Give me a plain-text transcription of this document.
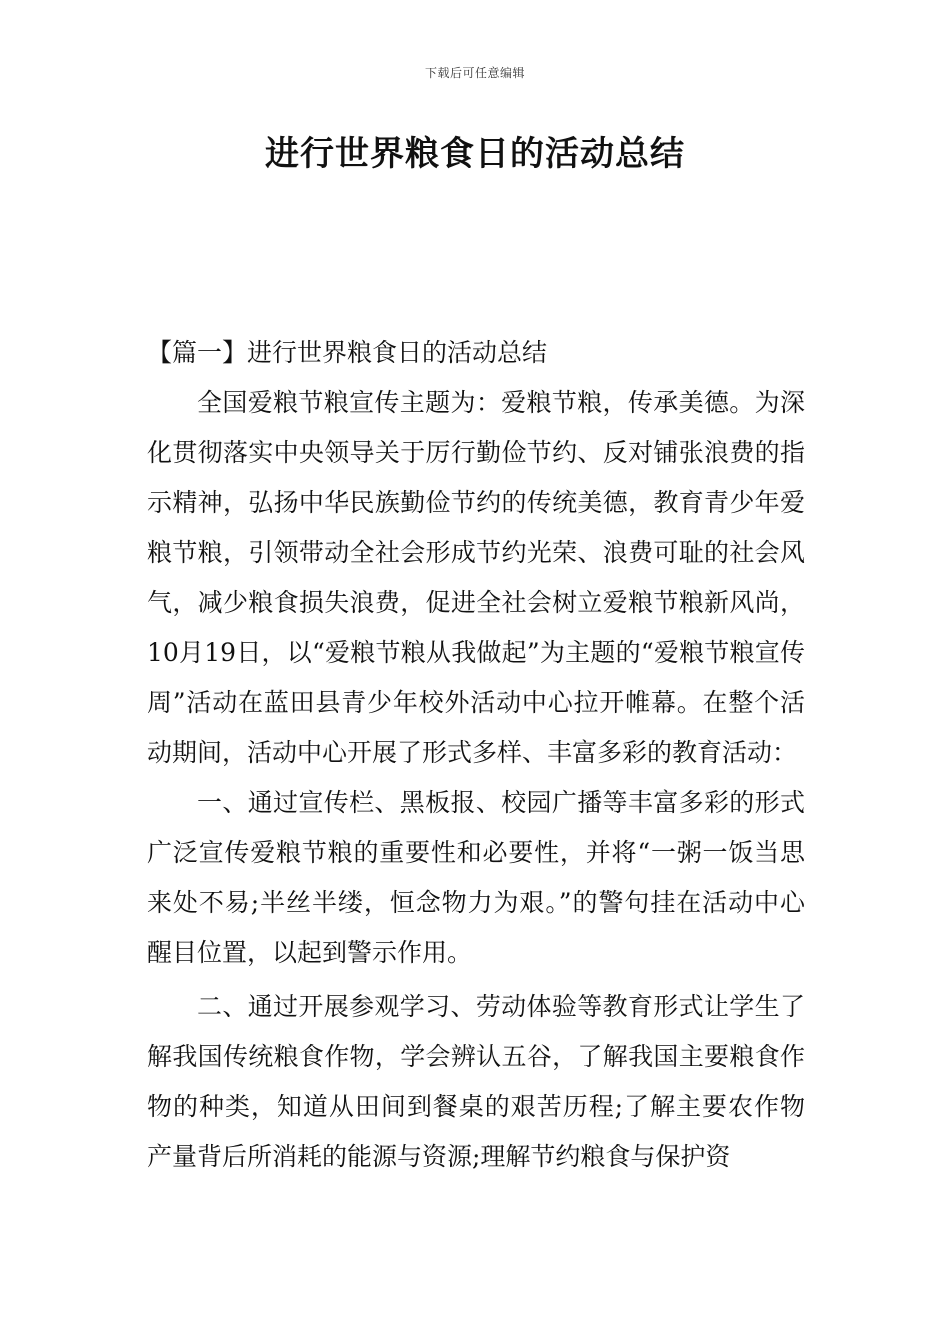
下载后可任意编辑
进行世界粮食日的活动总结

【篇一】进行世界粮食日的活动总结

全国爱粮节粮宣传主题为：爱粮节粮，传承美德。为深化贯彻落实中央领导关于厉行勤俭节约、反对铺张浪费的指示精神，弘扬中华民族勤俭节约的传统美德，教育青少年爱粮节粮，引领带动全社会形成节约光荣、浪费可耻的社会风气，减少粮食损失浪费，促进全社会树立爱粮节粮新风尚，10月19日，以“爱粮节粮从我做起”为主题的“爱粮节粮宣传周”活动在蓝田县青少年校外活动中心拉开帷幕。在整个活动期间，活动中心开展了形式多样、丰富多彩的教育活动：

一、通过宣传栏、黑板报、校园广播等丰富多彩的形式广泛宣传爱粮节粮的重要性和必要性，并将“一粥一饭当思来处不易;半丝半缕，恒念物力为艰。”的警句挂在活动中心醒目位置，以起到警示作用。

二、通过开展参观学习、劳动体验等教育形式让学生了解我国传统粮食作物，学会辨认五谷，了解我国主要粮食作物的种类，知道从田间到餐桌的艰苦历程;了解主要农作物产量背后所消耗的能源与资源;理解节约粮食与保护资
